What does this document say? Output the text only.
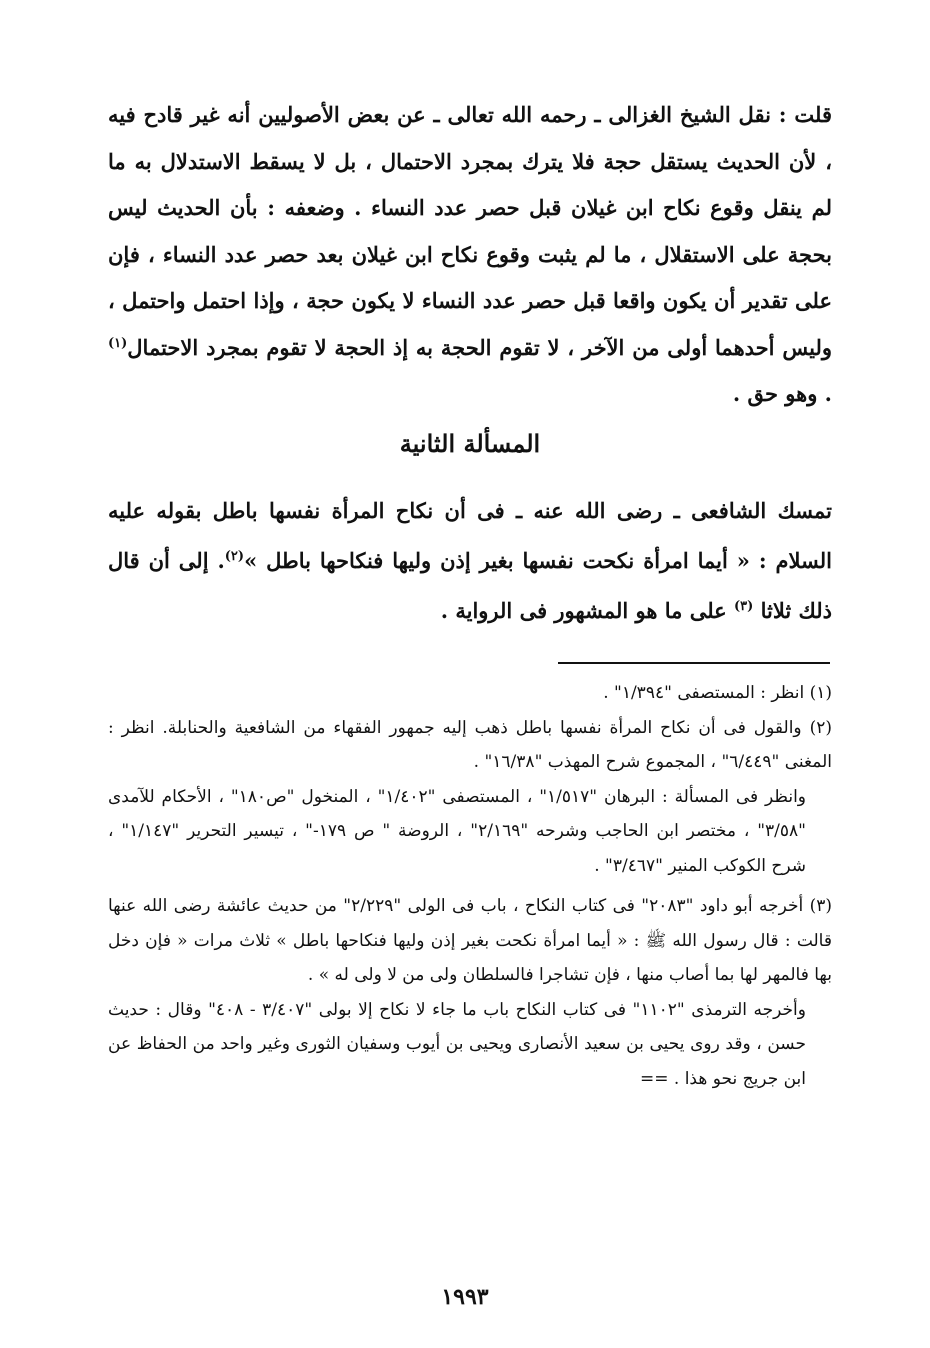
قلت : نقل الشيخ الغزالى ـ رحمه الله تعالى ـ عن بعض الأصوليين أنه غير قادح فيه ، لأن الحديث يستقل حجة فلا يترك بمجرد الاحتمال ، بل لا يسقط الاستدلال به ما لم ينقل وقوع نكاح ابن غيلان قبل حصر عدد النساء . وضعفه : بأن الحديث ليس بحجة على الاستقلال ، ما لم يثبت وقوع نكاح ابن غيلان بعد حصر عدد النساء ، فإن على تقدير أن يكون واقعا قبل حصر عدد النساء لا يكون حجة ، وإذا احتمل واحتمل ، وليس أحدهما أولى من الآخر ، لا تقوم الحجة به إذ الحجة لا تقوم بمجرد الاحتمال$^{(١)}$ . وهو حق .

المسألة الثانية

تمسك الشافعى ـ رضى الله عنه ـ فى أن نكاح المرأة نفسها باطل بقوله عليه السلام : « أيما امرأة نكحت نفسها بغير إذن وليها فنكاحها باطل »$^{(٢)}$. إلى أن قال ذلك ثلاثا $^{(٣)}$ على ما هو المشهور فى الرواية .

(١) انظر : المستصفى "١/٣٩٤" .

(٢) والقول فى أن نكاح المرأة نفسها باطل ذهب إليه جمهور الفقهاء من الشافعية والحنابلة. انظر : المغنى "٦/٤٤٩" ، المجموع شرح المهذب "١٦/٣٨" .

وانظر فى المسألة : البرهان "١/٥١٧" ، المستصفى "١/٤٠٢" ، المنخول "ص١٨٠" ، الأحكام للآمدى "٣/٥٨" ، مختصر ابن الحاجب وشرحه "٢/١٦٩" ، الروضة " ص ١٧٩-" ، تيسير التحرير "١/١٤٧" ، شرح الكوكب المنير "٣/٤٦٧" .

(٣) أخرجه أبو داود "٢٠٨٣" فى كتاب النكاح ، باب فى الولى "٢/٢٢٩" من حديث عائشة رضى الله عنها قالت : قال رسول الله ﷺ : « أيما امرأة نكحت بغير إذن وليها فنكاحها باطل » ثلاث مرات « فإن دخل بها فالمهر لها بما أصاب منها ، فإن تشاجرا فالسلطان ولى من لا ولى له » .

وأخرجه الترمذى "١١٠٢" فى كتاب النكاح باب ما جاء لا نكاح إلا بولى "٣/٤٠٧ - ٤٠٨" وقال : حديث حسن ، وقد روى يحيى بن سعيد الأنصارى ويحيى بن أيوب وسفيان الثورى وغير واحد من الحفاظ عن ابن جريج نحو هذا . ==

١٩٩٣
